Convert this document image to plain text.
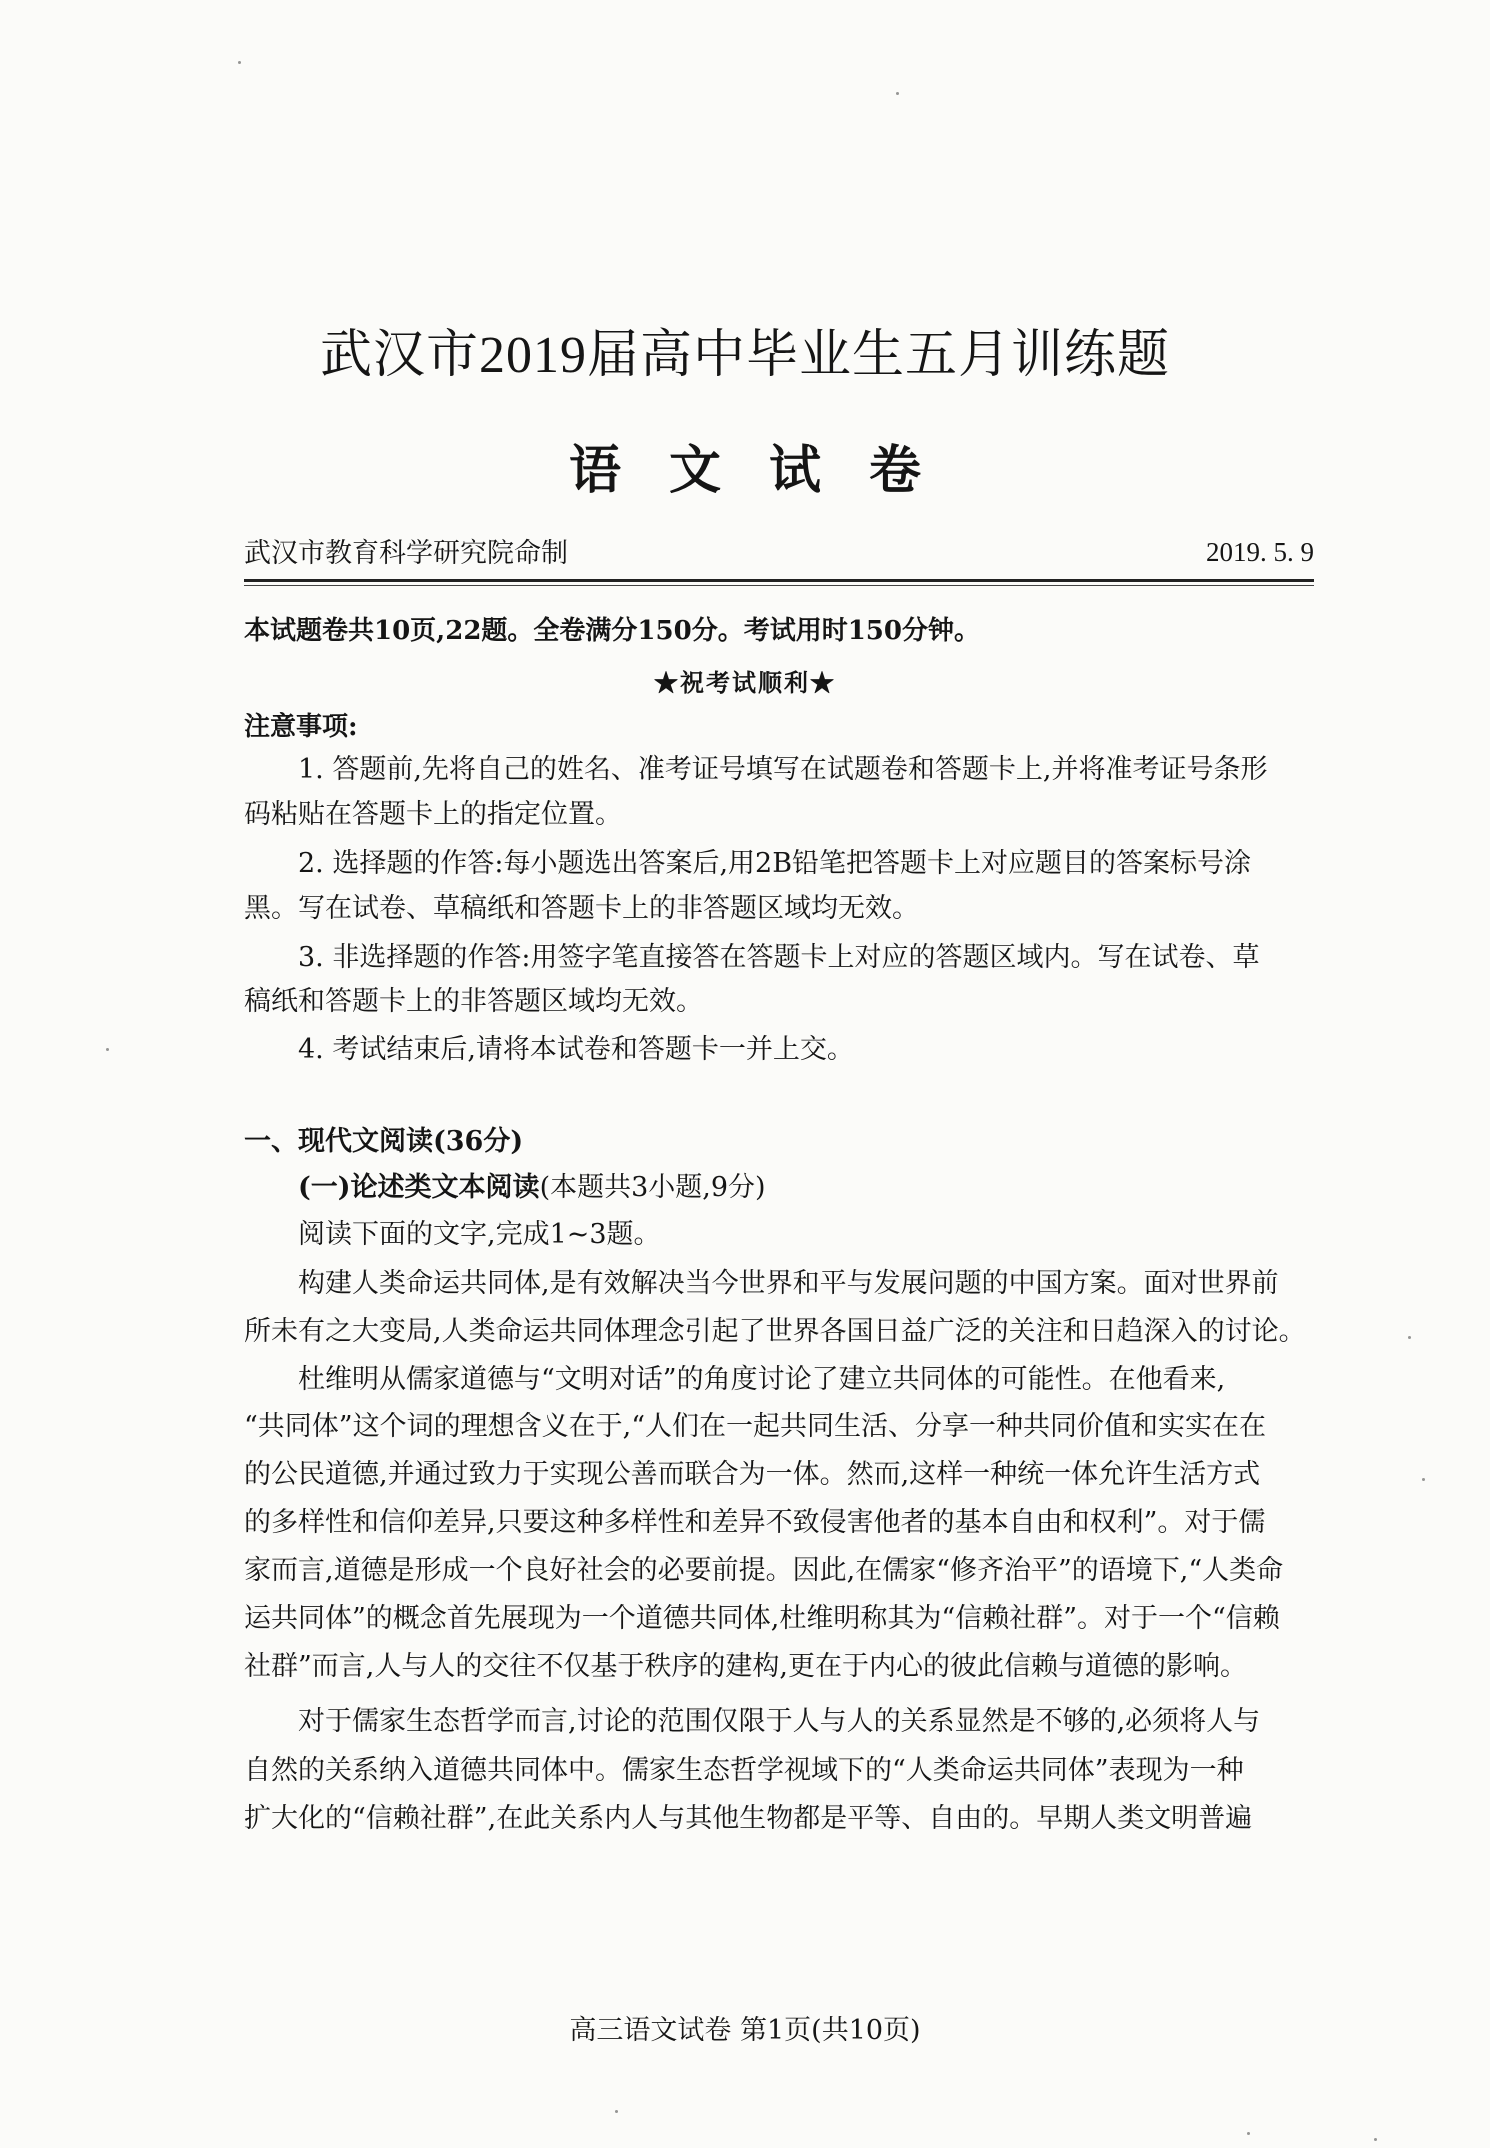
武汉市2019届高中毕业生五月训练题
语文试卷
武汉市教育科学研究院命制	2019. 5. 9
本试题卷共10页,22题。全卷满分150分。考试用时150分钟。
★祝考试顺利★
注意事项:
1. 答题前,先将自己的姓名、准考证号填写在试题卷和答题卡上,并将准考证号条形
码粘贴在答题卡上的指定位置。
2. 选择题的作答:每小题选出答案后,用2B铅笔把答题卡上对应题目的答案标号涂
黑。写在试卷、草稿纸和答题卡上的非答题区域均无效。
3. 非选择题的作答:用签字笔直接答在答题卡上对应的答题区域内。写在试卷、草
稿纸和答题卡上的非答题区域均无效。
4. 考试结束后,请将本试卷和答题卡一并上交。
一、现代文阅读(36分)
(一)论述类文本阅读(本题共3小题,9分)
阅读下面的文字,完成1~3题。
构建人类命运共同体,是有效解决当今世界和平与发展问题的中国方案。面对世界前
所未有之大变局,人类命运共同体理念引起了世界各国日益广泛的关注和日趋深入的讨论。
杜维明从儒家道德与“文明对话”的角度讨论了建立共同体的可能性。在他看来,
“共同体”这个词的理想含义在于,“人们在一起共同生活、分享一种共同价值和实实在在
的公民道德,并通过致力于实现公善而联合为一体。然而,这样一种统一体允许生活方式
的多样性和信仰差异,只要这种多样性和差异不致侵害他者的基本自由和权利”。对于儒
家而言,道德是形成一个良好社会的必要前提。因此,在儒家“修齐治平”的语境下,“人类命
运共同体”的概念首先展现为一个道德共同体,杜维明称其为“信赖社群”。对于一个“信赖
社群”而言,人与人的交往不仅基于秩序的建构,更在于内心的彼此信赖与道德的影响。
对于儒家生态哲学而言,讨论的范围仅限于人与人的关系显然是不够的,必须将人与
自然的关系纳入道德共同体中。儒家生态哲学视域下的“人类命运共同体”表现为一种
扩大化的“信赖社群”,在此关系内人与其他生物都是平等、自由的。早期人类文明普遍
高三语文试卷 第1页(共10页)
